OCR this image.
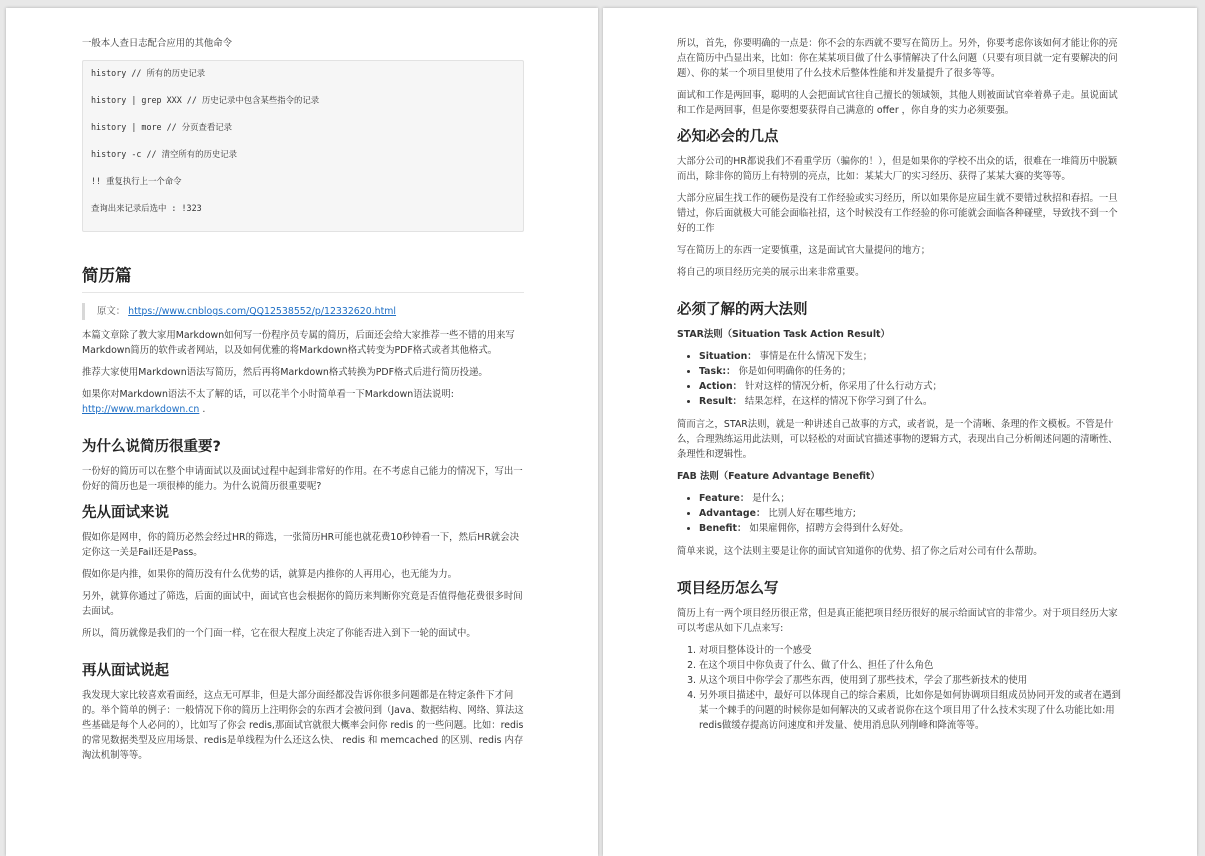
一般本人查日志配合应用的其他命令

history // 所有的历史记录
history | grep XXX // 历史记录中包含某些指令的记录
history | more // 分页查看记录
history -c // 清空所有的历史记录
!! 重复执行上一个命令
查询出来记录后选中 : !323
简历篇
原文： https://www.cnblogs.com/QQ12538552/p/12332620.html

本篇文章除了教大家用Markdown如何写一份程序员专属的简历，后面还会给大家推荐一些不错的用来写Markdown简历的软件或者网站，以及如何优雅的将Markdown格式转变为PDF格式或者其他格式。

推荐大家使用Markdown语法写简历，然后再将Markdown格式转换为PDF格式后进行简历投递。

如果你对Markdown语法不太了解的话，可以花半个小时简单看一下Markdown语法说明:
http://www.markdown.cn .

为什么说简历很重要?

一份好的简历可以在整个申请面试以及面试过程中起到非常好的作用。在不考虑自己能力的情况下，写出一份好的简历也是一项很棒的能力。为什么说简历很重要呢?

先从面试来说

假如你是网申，你的简历必然会经过HR的筛选，一张简历HR可能也就花费10秒钟看一下，然后HR就会决定你这一关是Fail还是Pass。

假如你是内推，如果你的简历没有什么优势的话，就算是内推你的人再用心，也无能为力。

另外，就算你通过了筛选，后面的面试中，面试官也会根据你的简历来判断你究竟是否值得他花费很多时间去面试。

所以，简历就像是我们的一个门面一样，它在很大程度上决定了你能否进入到下一轮的面试中。

再从面试说起

我发现大家比较喜欢看面经，这点无可厚非，但是大部分面经都没告诉你很多问题都是在特定条件下才问的。举个简单的例子：一般情况下你的简历上注明你会的东西才会被问到（Java、数据结构、网络、算法这些基础是每个人必问的），比如写了你会 redis,那面试官就很大概率会问你 redis 的一些问题。比如：redis的常见数据类型及应用场景、redis是单线程为什么还这么快、 redis 和 memcached 的区别、redis 内存淘汰机制等等。

所以，首先，你要明确的一点是：你不会的东西就不要写在简历上。另外，你要考虑你该如何才能让你的亮点在简历中凸显出来，比如：你在某某项目做了什么事情解决了什么问题（只要有项目就一定有要解决的问题）、你的某一个项目里使用了什么技术后整体性能和并发量提升了很多等等。

面试和工作是两回事，聪明的人会把面试官往自己擅长的领域领，其他人则被面试官牵着鼻子走。虽说面试和工作是两回事，但是你要想要获得自己满意的 offer ，你自身的实力必须要强。

必知必会的几点

大部分公司的HR都说我们不看重学历（骗你的！），但是如果你的学校不出众的话，很难在一堆简历中脱颖而出，除非你的简历上有特别的亮点，比如：某某大厂的实习经历、获得了某某大赛的奖等等。

大部分应届生找工作的硬伤是没有工作经验或实习经历，所以如果你是应届生就不要错过秋招和春招。一旦错过，你后面就极大可能会面临社招，这个时候没有工作经验的你可能就会面临各种碰壁，导致找不到一个好的工作

写在简历上的东西一定要慎重，这是面试官大量提问的地方；

将自己的项目经历完美的展示出来非常重要。

必须了解的两大法则

STAR法则（Situation Task Action Result）

• Situation： 事情是在什么情况下发生；
• Task:： 你是如何明确你的任务的；
• Action： 针对这样的情况分析，你采用了什么行动方式；
• Result： 结果怎样，在这样的情况下你学习到了什么。

简而言之，STAR法则，就是一种讲述自己故事的方式，或者说，是一个清晰、条理的作文模板。不管是什么，合理熟练运用此法则，可以轻松的对面试官描述事物的逻辑方式，表现出自己分析阐述问题的清晰性、条理性和逻辑性。

FAB 法则（Feature Advantage Benefit）

• Feature： 是什么；
• Advantage： 比别人好在哪些地方;
• Benefit： 如果雇佣你，招聘方会得到什么好处。

简单来说，这个法则主要是让你的面试官知道你的优势、招了你之后对公司有什么帮助。

项目经历怎么写

简历上有一两个项目经历很正常，但是真正能把项目经历很好的展示给面试官的非常少。对于项目经历大家可以考虑从如下几点来写:

1. 对项目整体设计的一个感受
2. 在这个项目中你负责了什么、做了什么、担任了什么角色
3. 从这个项目中你学会了那些东西，使用到了那些技术，学会了那些新技术的使用
4. 另外项目描述中，最好可以体现自己的综合素质，比如你是如何协调项目组成员协同开发的或者在遇到某一个棘手的问题的时候你是如何解决的又或者说你在这个项目用了什么技术实现了什么功能比如:用redis做缓存提高访问速度和并发量、使用消息队列削峰和降流等等。
